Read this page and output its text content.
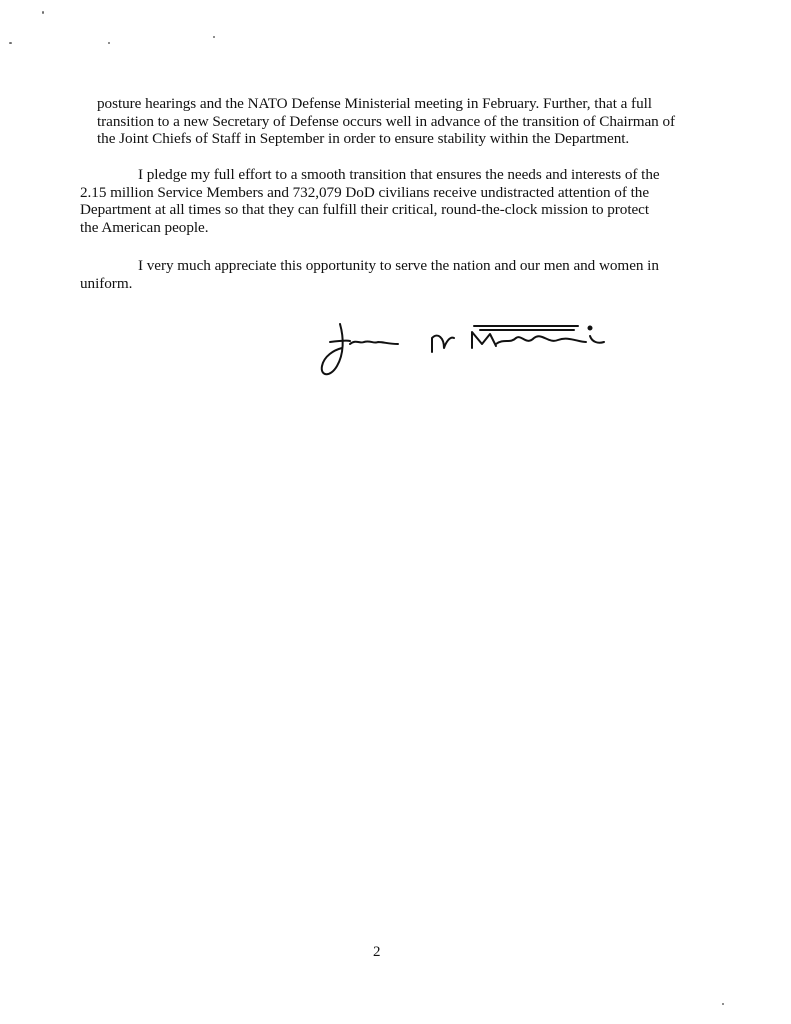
posture hearings and the NATO Defense Ministerial meeting in February. Further, that a full
transition to a new Secretary of Defense occurs well in advance of the transition of Chairman of
the Joint Chiefs of Staff in September in order to ensure stability within the Department.

I pledge my full effort to a smooth transition that ensures the needs and interests of the
2.15 million Service Members and 732,079 DoD civilians receive undistracted attention of the
Department at all times so that they can fulfill their critical, round-the-clock mission to protect
the American people.

I very much appreciate this opportunity to serve the nation and our men and women in
uniform.

2
